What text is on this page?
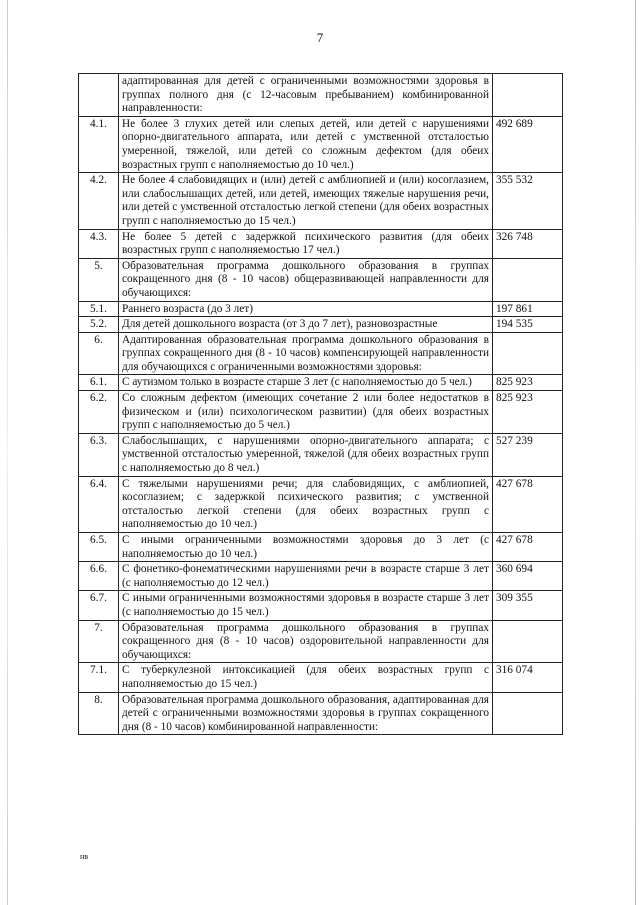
7
	адаптированная для детей с ограниченными возможностями здоровья в группах полного дня (с 12-часовым пребыванием) комбинированной направленности:	
4.1.	Не более 3 глухих детей или слепых детей, или детей с нарушениями опорно-двигательного аппарата, или детей с умственной отсталостью умеренной, тяжелой, или детей со сложным дефектом (для обеих возрастных групп с наполняемостью до 10 чел.)	492 689
4.2.	Не более 4 слабовидящих и (или) детей с амблиопией и (или) косоглазием, или слабослышащих детей, или детей, имеющих тяжелые нарушения речи, или детей с умственной отсталостью легкой степени (для обеих возрастных групп с наполняемостью до 15 чел.)	355 532
4.3.	Не более 5 детей с задержкой психического развития (для обеих возрастных групп с наполняемостью 17 чел.)	326 748
5.	Образовательная программа дошкольного образования в группах сокращенного дня (8 - 10 часов) общеразвивающей направленности для обучающихся:	
5.1.	Раннего возраста (до 3 лет)	197 861
5.2.	Для детей дошкольного возраста (от 3 до 7 лет), разновозрастные	194 535
6.	Адаптированная образовательная программа дошкольного образования в группах сокращенного дня (8 - 10 часов) компенсирующей направленности для обучающихся с ограниченными возможностями здоровья:	
6.1.	С аутизмом только в возрасте старше 3 лет (с наполняемостью до 5 чел.)	825 923
6.2.	Со сложным дефектом (имеющих сочетание 2 или более недостатков в физическом и (или) психологическом развитии) (для обеих возрастных групп с наполняемостью до 5 чел.)	825 923
6.3.	Слабослышащих, с нарушениями опорно-двигательного аппарата; с умственной отсталостью умеренной, тяжелой (для обеих возрастных групп с наполняемостью до 8 чел.)	527 239
6.4.	С тяжелыми нарушениями речи; для слабовидящих, с амблиопией, косоглазием; с задержкой психического развития; с умственной отсталостью легкой степени (для обеих возрастных групп с наполняемостью до 10 чел.)	427 678
6.5.	С иными ограниченными возможностями здоровья до 3 лет (с наполняемостью до 10 чел.)	427 678
6.6.	С фонетико-фонематическими нарушениями речи в возрасте старше 3 лет (с наполняемостью до 12 чел.)	360 694
6.7.	С иными ограниченными возможностями здоровья в возрасте старше 3 лет (с наполняемостью до 15 чел.)	309 355
7.	Образовательная программа дошкольного образования в группах сокращенного дня (8 - 10 часов) оздоровительной направленности для обучающихся:	
7.1.	С туберкулезной интоксикацией (для обеих возрастных групп с наполняемостью до 15 чел.)	316 074
8.	Образовательная программа дошкольного образования, адаптированная для детей с ограниченными возможностями здоровья в группах сокращенного дня (8 - 10 часов) комбинированной направленности:	
нв
